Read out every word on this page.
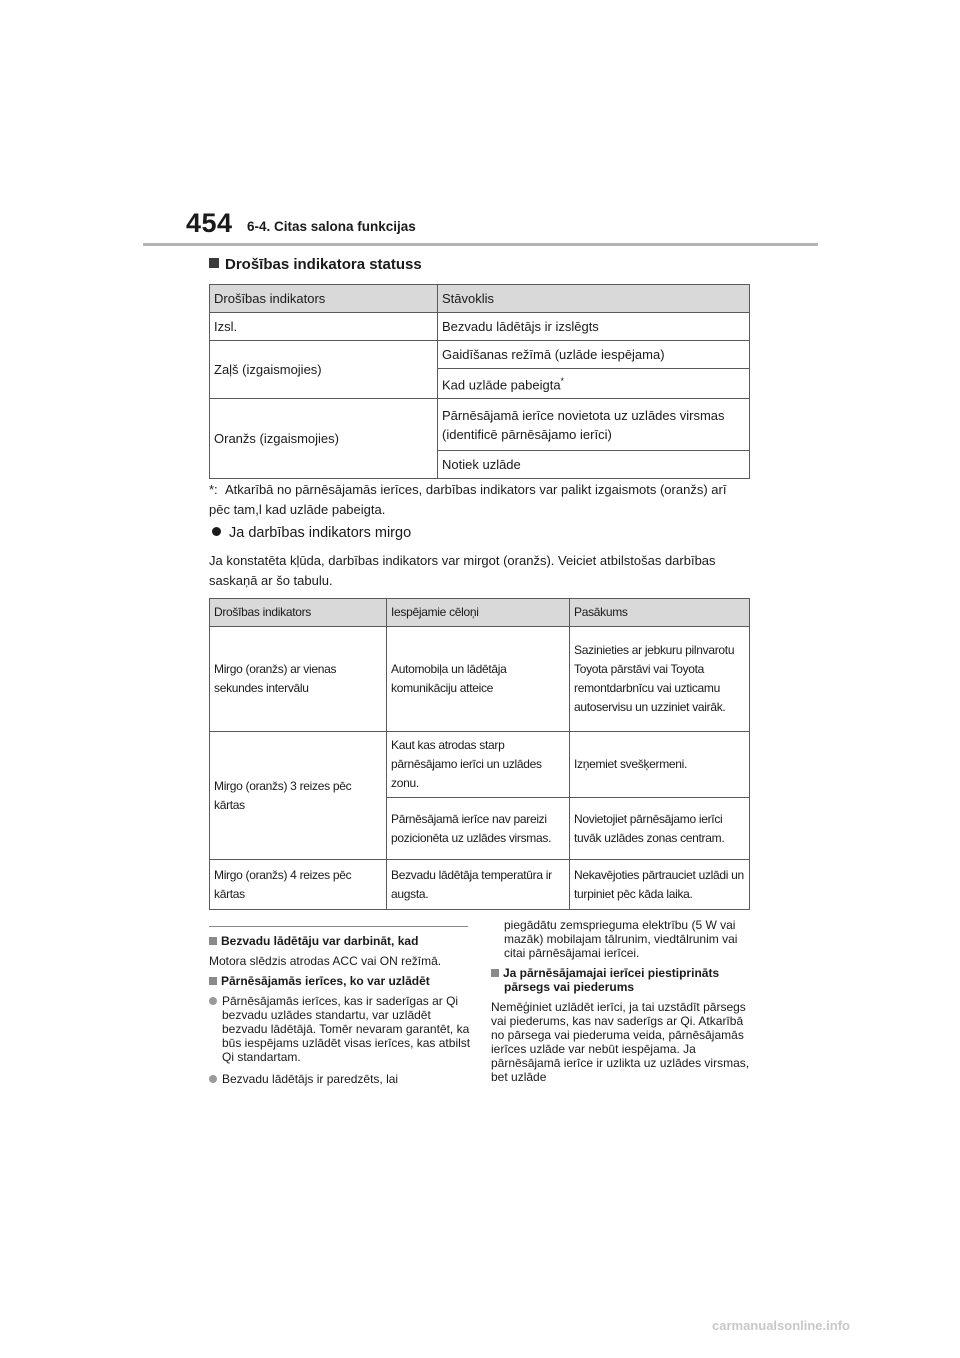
454 6-4. Citas salona funkcijas
Drošības indikatora statuss
Drošības indikators	Stāvoklis
Izsl.	Bezvadu lādētājs ir izslēgts
Zaļš (izgaismojies)	Gaidīšanas režīmā (uzlāde iespējama)
	Kad uzlāde pabeigta*
Oranžs (izgaismojies)	Pārnēsājamā ierīce novietota uz uzlādes virsmas (identificē pārnēsājamo ierīci)
	Notiek uzlāde
*: Atkarībā no pārnēsājamās ierīces, darbības indikators var palikt izgaismots (oranžs) arī pēc tam,l kad uzlāde pabeigta.
Ja darbības indikators mirgo
Ja konstatēta kļūda, darbības indikators var mirgot (oranžs). Veiciet atbilstošas darbības saskaņā ar šo tabulu.
Drošības indikators	Iespējamie cēloņi	Pasākums

Mirgo (oranžs) ar vienas sekundes intervālu	Automobiļa un lādētāja komunikāciju atteice	Sazinieties ar jebkuru pilnvarotu Toyota pārstāvi vai Toyota remontdarbnīcu vai uzticamu autoservisu un uzziniet vairāk.

Mirgo (oranžs) 3 reizes pēc kārtas	Kaut kas atrodas starp pārnēsājamo ierīci un uzlādes zonu.	Izņemiet svešķermeni.

	Pārnēsājamā ierīce nav pareizi pozicionēta uz uzlādes virsmas.	Novietojiet pārnēsājamo ierīci tuvāk uzlādes zonas centram.

Mirgo (oranžs) 4 reizes pēc kārtas	Bezvadu lādētāja temperatūra ir augsta.	Nekavējoties pārtrauciet uzlādi un turpiniet pēc kāda laika.
Bezvadu lādētāju var darbināt, kad

Motora slēdzis atrodas ACC vai ON režīmā.

Pārnēsājamās ierīces, ko var uzlādēt
Pārnēsājamās ierīces, kas ir saderīgas ar Qi bezvadu uzlādes standartu, var uzlādēt bezvadu lādētājā. Tomēr nevaram garantēt, ka būs iespējams uzlādēt visas ierīces, kas atbilst Qi standartam.
Bezvadu lādētājs ir paredzēts, lai

piegādātu zemsprieguma elektrību (5 W vai mazāk) mobilajam tālrunim, viedtālrunim vai citai pārnēsājamai ierīcei.

Ja pārnēsājamajai ierīcei piestiprināts pārsegs vai piederums

Nemēģiniet uzlādēt ierīci, ja tai uzstādīt pārsegs vai piederums, kas nav saderīgs ar Qi. Atkarībā no pārsega vai piederuma veida, pārnēsājamās ierīces uzlāde var nebūt iespējama. Ja pārnēsājamā ierīce ir uzlikta uz uzlādes virsmas, bet uzlāde

carmanualsonline.info
